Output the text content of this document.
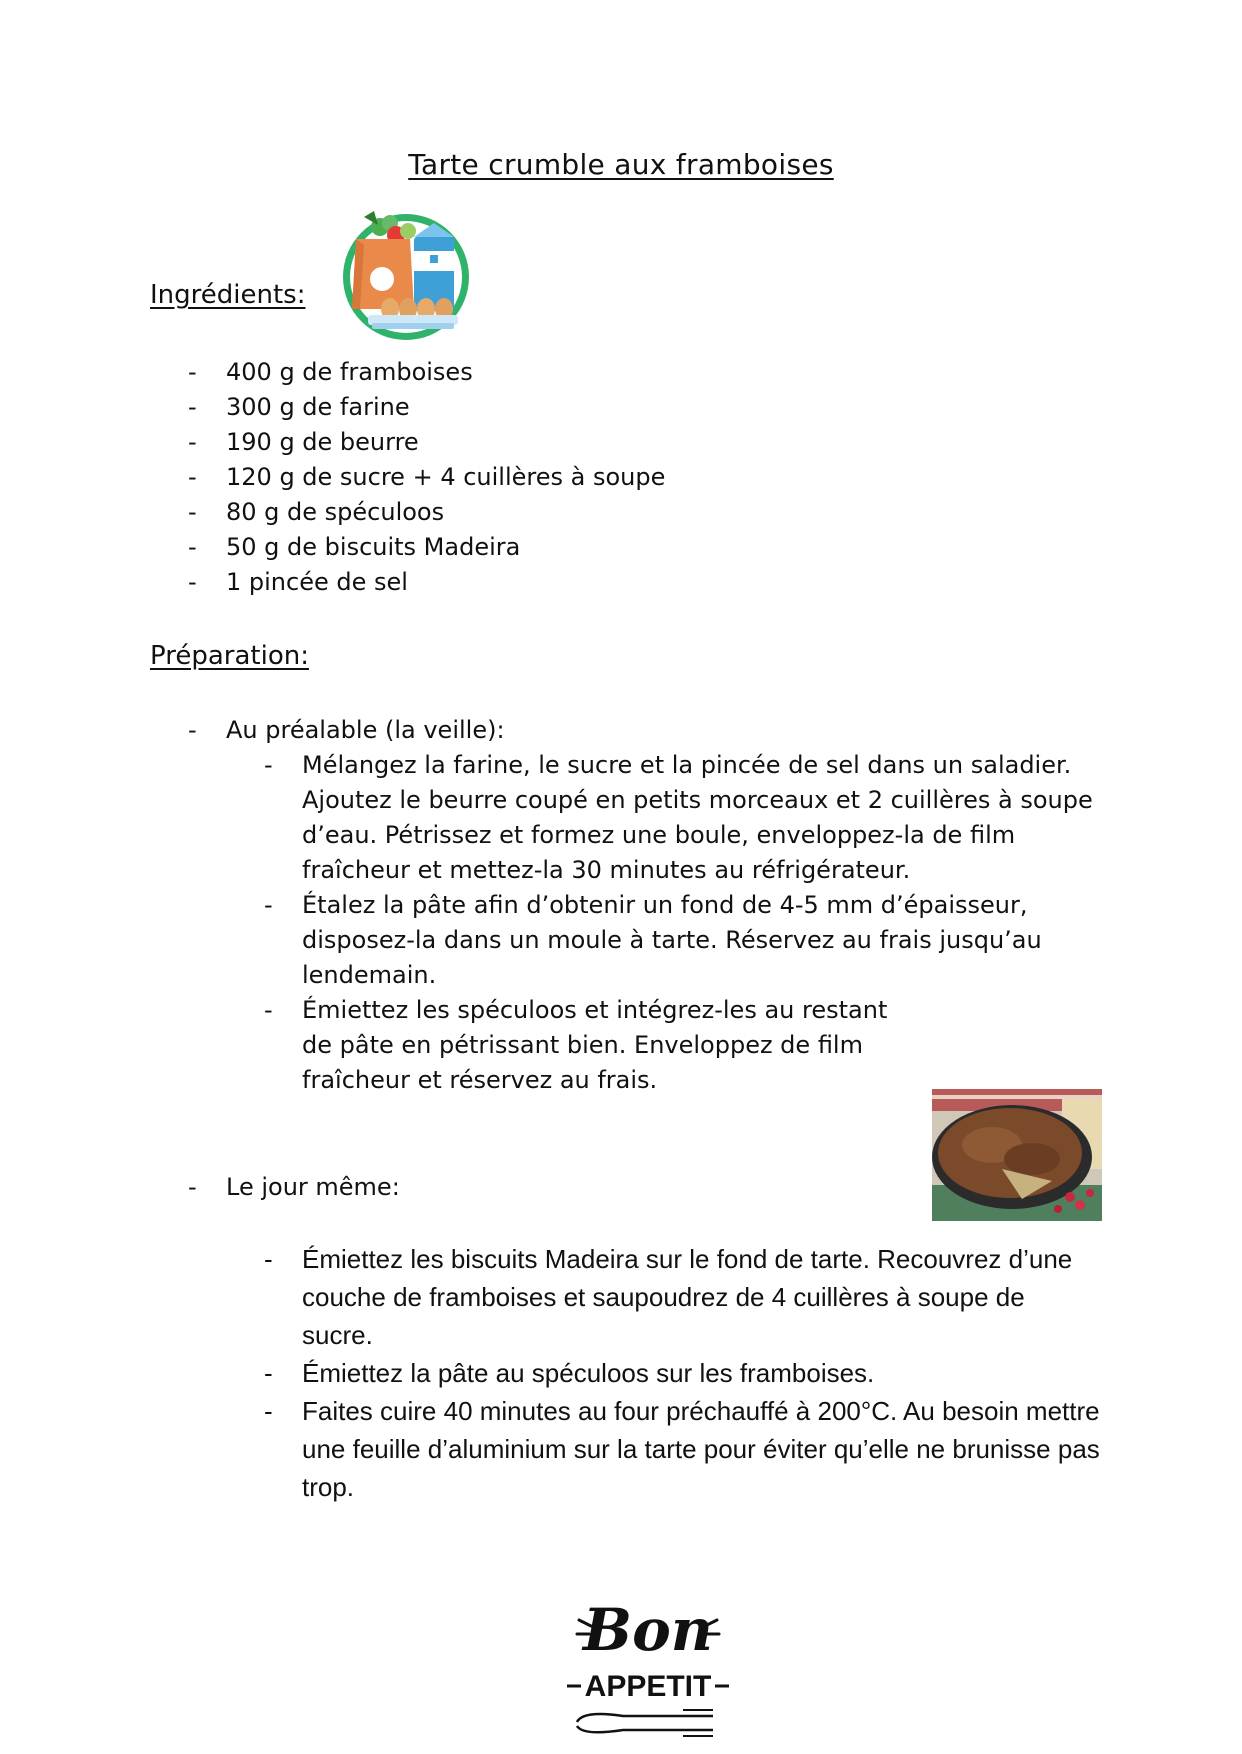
Tarte crumble aux framboises
Ingrédients:
- 400 g de framboises
- 300 g de farine
- 190 g de beurre
- 120 g de sucre + 4 cuillères à soupe
- 80 g de spéculoos
- 50 g de biscuits Madeira
- 1 pincée de sel
Préparation:
- Au préalable (la veille):
- Mélangez la farine, le sucre et la pincée de sel dans un saladier. Ajoutez le beurre coupé en petits morceaux et 2 cuillères à soupe d’eau. Pétrissez et formez une boule, enveloppez-la de film fraîcheur et mettez-la 30 minutes au réfrigérateur.
- Étalez la pâte afin d’obtenir un fond de 4-5 mm d’épaisseur, disposez-la dans un moule à tarte. Réservez au frais jusqu’au lendemain.
- Émiettez les spéculoos et intégrez-les au restant de pâte en pétrissant bien. Enveloppez de film fraîcheur et réservez au frais.
- Le jour même:
- Émiettez les biscuits Madeira sur le fond de tarte. Recouvrez d’une couche de framboises et saupoudrez de 4 cuillères à soupe de sucre.
- Émiettez la pâte au spéculoos sur les framboises.
- Faites cuire 40 minutes au four préchauffé à 200°C. Au besoin mettre une feuille d’aluminium sur la tarte pour éviter qu’elle ne brunisse pas trop.
Bon
APPETIT
